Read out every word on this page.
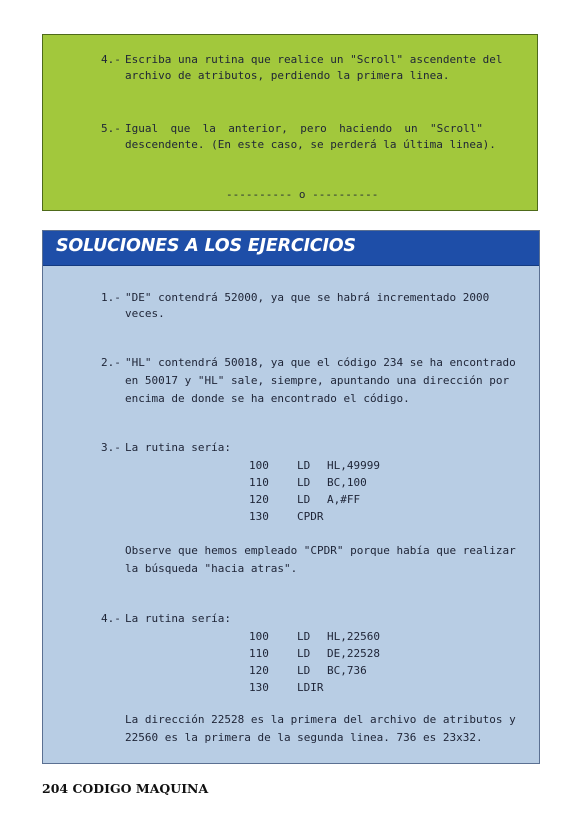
4.- Escriba una rutina que realice un "Scroll" ascendente del
archivo de atributos, perdiendo la primera linea.
5.- Igual que la anterior, pero haciendo un "Scroll"
descendente. (En este caso, se perderá la última linea).
---------- o ----------
SOLUCIONES A LOS EJERCICIOS
1.- "DE" contendrá 52000, ya que se habrá incrementado 2000
veces.
2.- "HL" contendrá 50018, ya que el código 234 se ha encontrado
en 50017 y "HL" sale, siempre, apuntando una dirección por
encima de donde se ha encontrado el código.
3.- La rutina sería:
100	LD HL,49999
110	LD BC,100
120	LD A,#FF
130	CPDR
Observe que hemos empleado "CPDR" porque había que realizar
la búsqueda "hacia atras".
4.- La rutina sería:
100	LD HL,22560
110	LD DE,22528
120	LD BC,736
130	LDIR
La dirección 22528 es la primera del archivo de atributos y
22560 es la primera de la segunda linea. 736 es 23x32.
204 CODIGO MAQUINA
